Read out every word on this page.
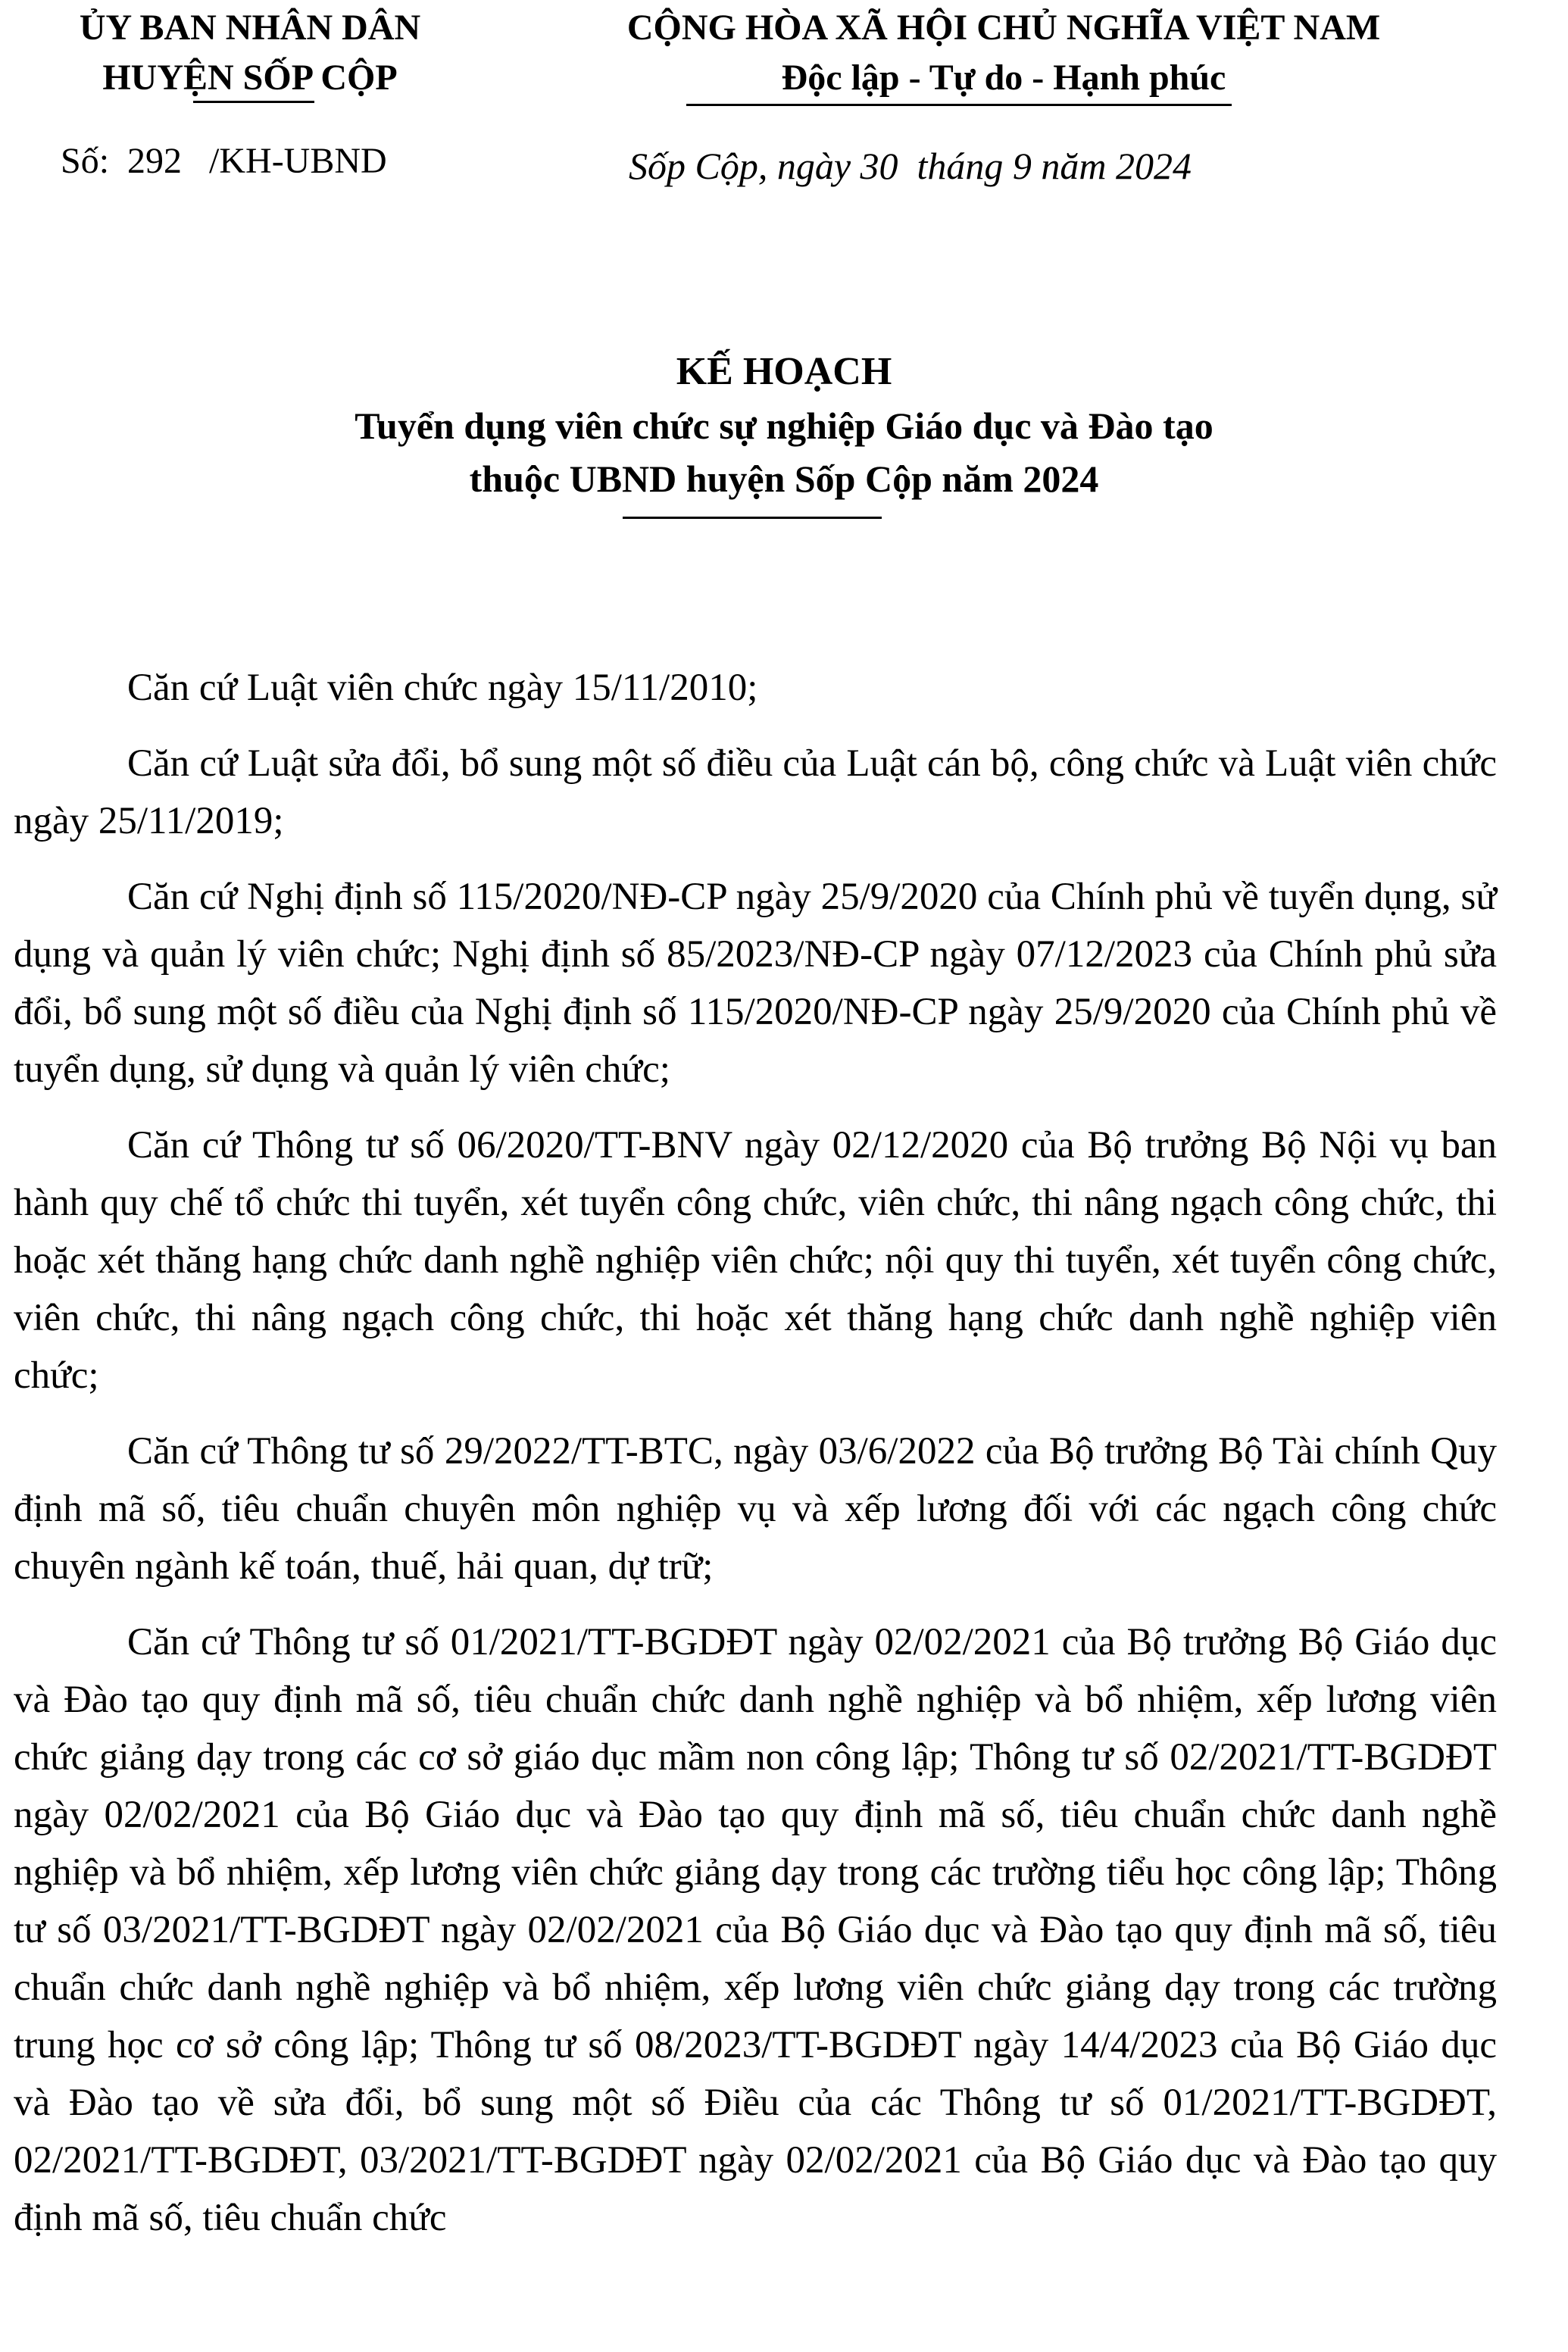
ỦY BAN NHÂN DÂN
HUYỆN SỐP CỘP
CỘNG HÒA XÃ HỘI CHỦ NGHĨA VIỆT NAM
Độc lập - Tự do - Hạnh phúc
Số:  292   /KH-UBND	Sốp Cộp, ngày 30  tháng 9 năm 2024
KẾ HOẠCH
Tuyển dụng viên chức sự nghiệp Giáo dục và Đào tạo
thuộc UBND huyện Sốp Cộp năm 2024

Căn cứ Luật viên chức ngày 15/11/2010;

Căn cứ Luật sửa đổi, bổ sung một số điều của Luật cán bộ, công chức và Luật viên chức ngày 25/11/2019;

Căn cứ Nghị định số 115/2020/NĐ-CP ngày 25/9/2020 của Chính phủ về tuyển dụng, sử dụng và quản lý viên chức; Nghị định số 85/2023/NĐ-CP ngày 07/12/2023 của Chính phủ sửa đổi, bổ sung một số điều của Nghị định số 115/2020/NĐ-CP ngày 25/9/2020 của Chính phủ về tuyển dụng, sử dụng và quản lý viên chức;

Căn cứ Thông tư số 06/2020/TT-BNV ngày 02/12/2020 của Bộ trưởng Bộ Nội vụ ban hành quy chế tổ chức thi tuyển, xét tuyển công chức, viên chức, thi nâng ngạch công chức, thi hoặc xét thăng hạng chức danh nghề nghiệp viên chức; nội quy thi tuyển, xét tuyển công chức, viên chức, thi nâng ngạch công chức, thi hoặc xét thăng hạng chức danh nghề nghiệp viên chức;

Căn cứ Thông tư số 29/2022/TT-BTC, ngày 03/6/2022 của Bộ trưởng Bộ Tài chính Quy định mã số, tiêu chuẩn chuyên môn nghiệp vụ và xếp lương đối với các ngạch công chức chuyên ngành kế toán, thuế, hải quan, dự trữ;

Căn cứ Thông tư số 01/2021/TT-BGDĐT ngày 02/02/2021 của Bộ trưởng Bộ Giáo dục và Đào tạo quy định mã số, tiêu chuẩn chức danh nghề nghiệp và bổ nhiệm, xếp lương viên chức giảng dạy trong các cơ sở giáo dục mầm non công lập; Thông tư số 02/2021/TT-BGDĐT ngày 02/02/2021 của Bộ Giáo dục và Đào tạo quy định mã số, tiêu chuẩn chức danh nghề nghiệp và bổ nhiệm, xếp lương viên chức giảng dạy trong các trường tiểu học công lập; Thông tư số 03/2021/TT-BGDĐT ngày 02/02/2021 của Bộ Giáo dục và Đào tạo quy định mã số, tiêu chuẩn chức danh nghề nghiệp và bổ nhiệm, xếp lương viên chức giảng dạy trong các trường trung học cơ sở công lập; Thông tư số 08/2023/TT-BGDĐT ngày 14/4/2023 của Bộ Giáo dục và Đào tạo về sửa đổi, bổ sung một số Điều của các Thông tư số 01/2021/TT-BGDĐT, 02/2021/TT-BGDĐT, 03/2021/TT-BGDĐT ngày 02/02/2021 của Bộ Giáo dục và Đào tạo quy định mã số, tiêu chuẩn chức
